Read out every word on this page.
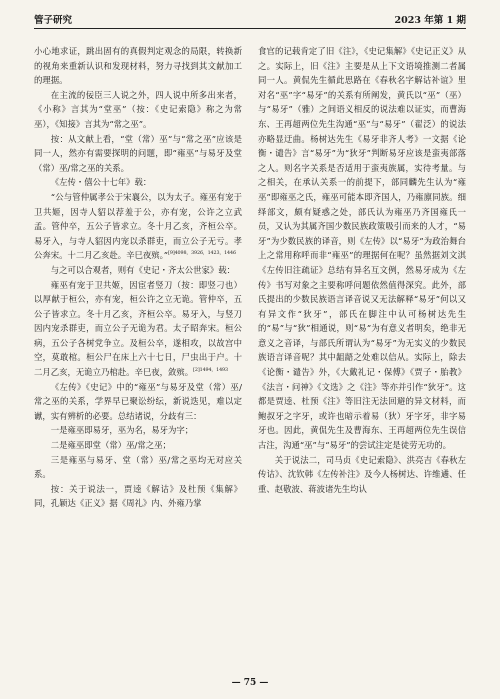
管子研究	2023 年第 1 期

小心地求证，跳出固有的真假判定观念的局限，转换新的视角来重新认识和发现材料，努力寻找到其文献加工的理据。

在主流的佞臣三人说之外，四人说中所多出来者，《小称》言其为“堂巫”（按：《史记索隐》称之为常巫），《知接》言其为“常之巫”。

按：从文献上看，“堂（常）巫”与“常之巫”应该是同一人，然亦有需要探明的问题，即“雍巫”与易牙及堂（常）巫/常之巫的关系。

《左传・僖公十七年》载：

“公与管仲属孝公于宋襄公，以为太子。雍巫有宠于卫共姬，因寺人貂以荐羞于公，亦有宠，公许之立武孟。管仲卒，五公子皆求立。冬十月乙亥，齐桓公卒。易牙入，与寺人貂因内宠以杀群吏，而立公子无亏。孝公奔宋。十二月乙亥赴。辛巳夜殡。”$^{[9]4098,3926,1423,1446}$

与之可以合观者，则有《史记・齐太公世家》载：

雍巫有宠于卫共姬，因宦者竖刀（按：即竖刁也）以厚献于桓公，亦有宠，桓公许之立无诡。管仲卒，五公子皆求立。冬十月乙亥，齐桓公卒。易牙入，与竖刀因内宠杀群吏，而立公子无诡为君。太子昭奔宋。桓公病，五公子各树党争立。及桓公卒，遂相攻，以故宫中空，莫敢棺。桓公尸在床上六十七日，尸虫出于户。十二月乙亥，无诡立乃棺赴。辛巳夜，敛殡。$^{[2]1494,1493}$

《左传》《史记》中的“雍巫”与易牙及堂（常）巫/常之巫的关系，学界早已聚讼纷纭，新说迭见，难以定谳，实有辨析的必要。总结诸说，分歧有三：

一是雍巫即易牙，巫为名，易牙为字；

二是雍巫即堂（常）巫/常之巫；

三是雍巫与易牙、堂（常）巫/常之巫均无对应关系。

按：关于说法一，贾逵《解诂》及杜预《集解》同，孔颖达《正义》据《周礼》内、外雍乃掌

食官的记载肯定了旧《注》，《史记集解》《史记正义》从之。实际上，旧《注》主要是从上下文语境推测二者属同一人。黄侃先生循此思路在《春秋名字解诂补谊》里对名“巫”字“易牙”的关系有所阐发，黄氏以“巫”（巫）与“易牙”（雅）之间语义相反的说法难以证实，而曹海东、王再超两位先生沟通“巫”与“易牙”（翟泛）的说法亦略显迂曲。杨树达先生《易牙非齐人考》一文据《论衡・谴告》言“易牙”为“狄牙”判断易牙应该是蛮夷部落之人。则名字关系是否适用于蛮夷族属，实待考量。与之相关，在承认关系一的前提下，部同麟先生认为“雍巫”即雍巫之氏，雍巫可能本即齐国人，乃雍廪同族。细绎部文，颇有疑惑之处，部氏认为雍巫乃齐国雍氏一员，又认为其属齐国少数民族政策吸引而来的人才，“易牙”为少数民族的译音，则《左传》以“易牙”为政治舞台上之常用称呼而非“雍巫”的理据何在呢？虽然据刘文淇《左传旧注疏证》总结有异名互文例，然易牙成为《左传》书写对象之主要称呼问题依然值得深究。此外，部氏提出的少数民族语言译音说又无法解释“易牙”何以又有异文作“狄牙”，部氏在脚注中认可杨树达先生的“易”与“狄”相通说，则“易”为有意义者明矣，绝非无意义之音译，与部氏所谓认为“易牙”为无实义的少数民族语言译音呢？其中龃龉之处难以信从。实际上，除去《论衡・谴告》外，《大戴礼记・保傅》《贾子・胎教》《法言・问神》《文选》之《注》等亦并引作“狄牙”。这都是贾逵、杜预《注》等旧注无法回避的异文材料，而鲍叔牙之字牙，或许也暗示着易（狄）牙字牙，非字易牙也。因此，黄侃先生及曹海东、王再超两位先生误信古注，沟通“巫”与“易牙”的尝试注定是徒劳无功的。

关于说法二，司马贞《史记索隐》、洪亮吉《春秋左传诂》、沈钦韩《左传补注》及今人杨树达、许维遹、任重、赵敬波、蒋波诸先生均认

— 75 —
